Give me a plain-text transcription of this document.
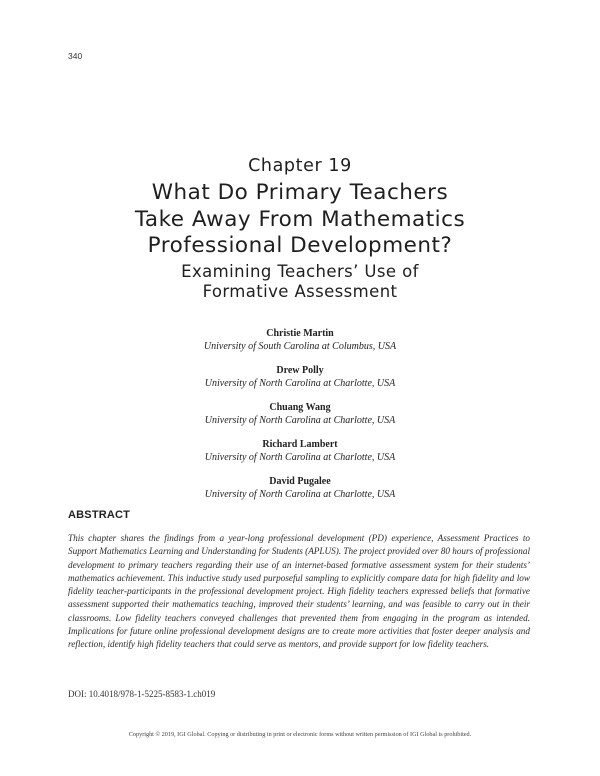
340
Chapter 19
What Do Primary Teachers
Take Away From Mathematics
Professional Development?
Examining Teachers’ Use of
Formative Assessment
Christie Martin
University of South Carolina at Columbus, USA
Drew Polly
University of North Carolina at Charlotte, USA
Chuang Wang
University of North Carolina at Charlotte, USA
Richard Lambert
University of North Carolina at Charlotte, USA
David Pugalee
University of North Carolina at Charlotte, USA
ABSTRACT

This chapter shares the findings from a year-long professional development (PD) experience, Assessment Practices to Support Mathematics Learning and Understanding for Students (APLUS). The project provided over 80 hours of professional development to primary teachers regarding their use of an internet-based formative assessment system for their students’ mathematics achievement. This inductive study used purposeful sampling to explicitly compare data for high fidelity and low fidelity teacher-participants in the professional development project. High fidelity teachers expressed beliefs that formative assessment supported their mathematics teaching, improved their students’ learning, and was feasible to carry out in their classrooms. Low fidelity teachers conveyed challenges that prevented them from engaging in the program as intended. Implications for future online professional development designs are to create more activities that foster deeper analysis and reflection, identify high fidelity teachers that could serve as mentors, and provide support for low fidelity teachers.

DOI: 10.4018/978-1-5225-8583-1.ch019
Copyright © 2019, IGI Global. Copying or distributing in print or electronic forms without written permission of IGI Global is prohibited.
